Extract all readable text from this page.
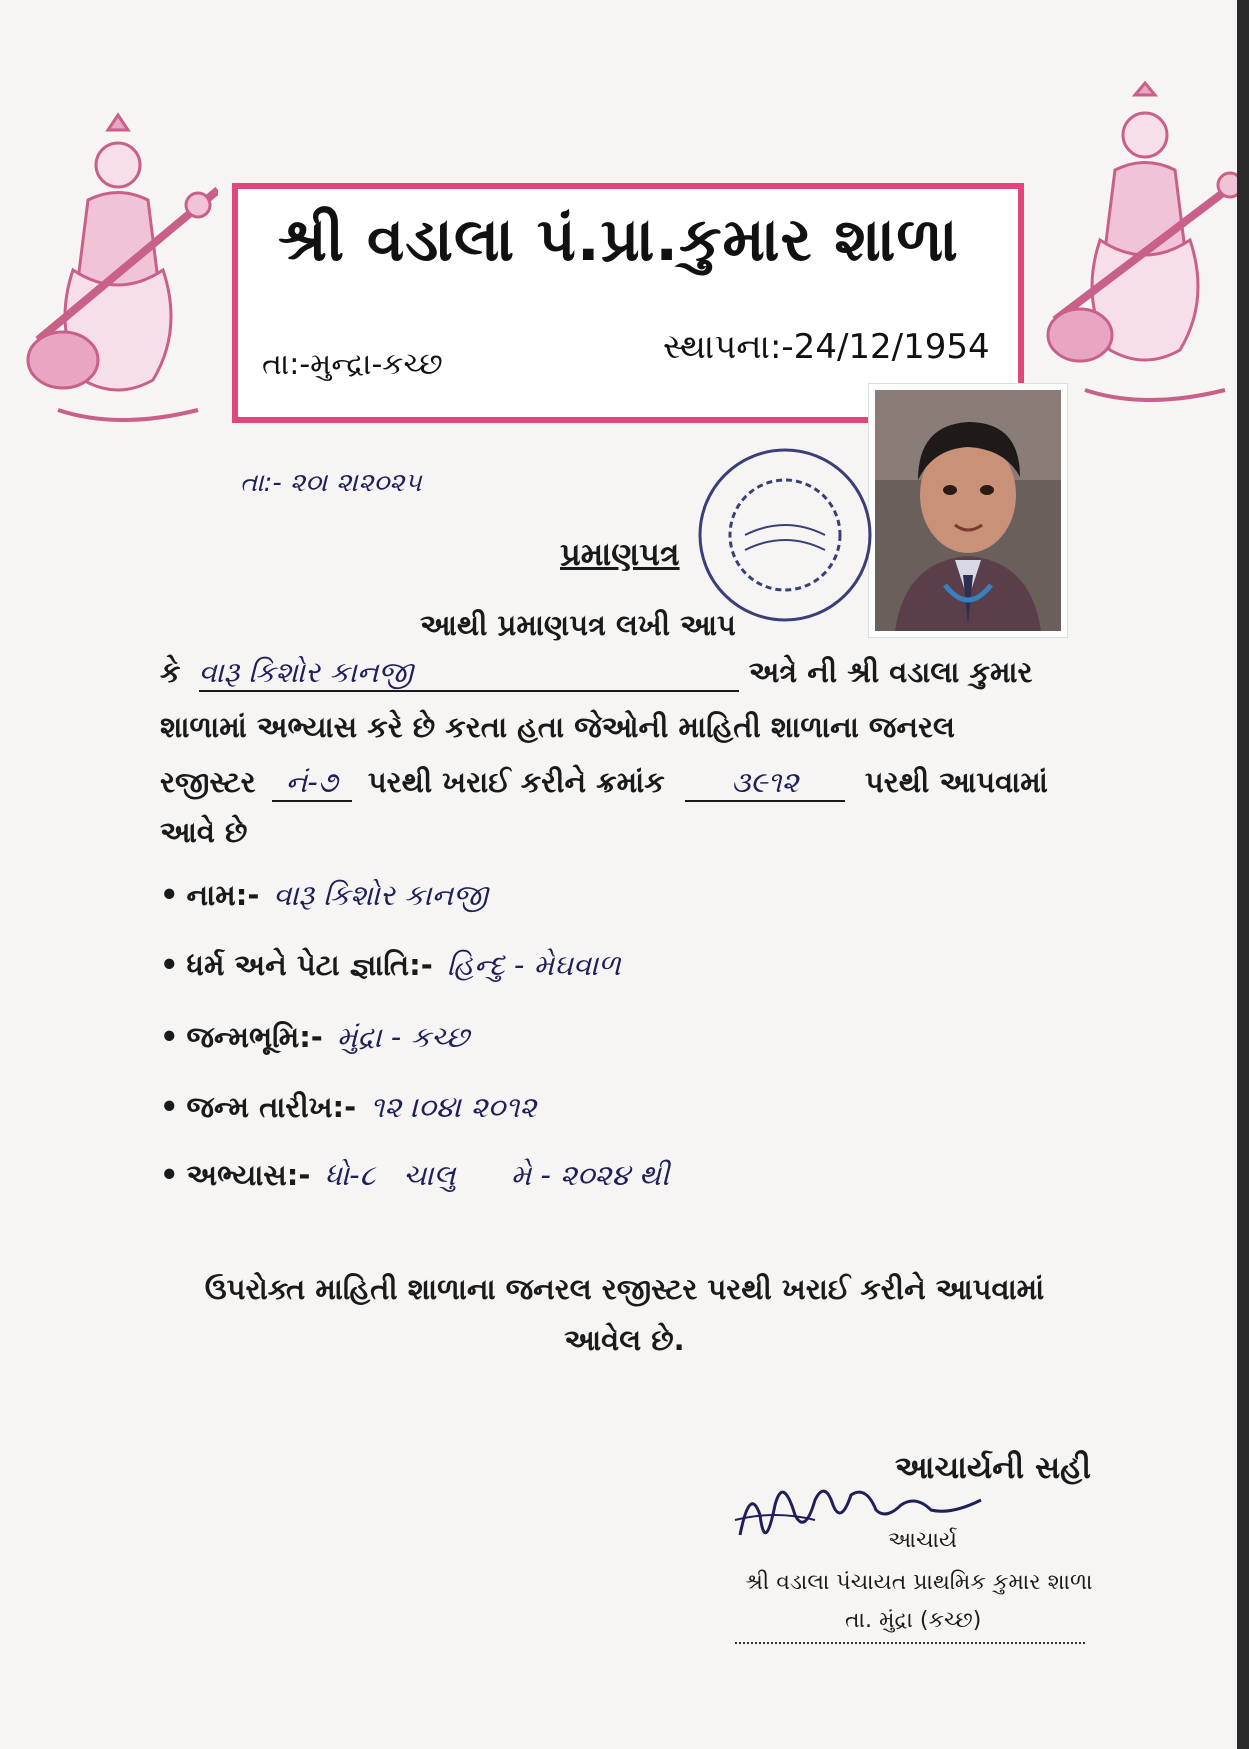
શ્રી વડાલા પં.પ્રા.કુમાર શાળા
તા:-મુન્દ્રા-કચ્છ	સ્થાપના:-24/12/1954
તા:- ૨૦। ૨।૨૦૨૫
પ્રમાણપત્ર
આથી પ્રમાણપત્ર લખી આપ
કે વારૂ કિશોર કાનજી	અત્રે ની શ્રી વડાલા કુમાર
શાળામાં અભ્યાસ કરે છે કરતા હતા જેઓની માહિતી શાળાના જનરલ
રજીસ્ટર નં-૭ પરથી ખરાઈ કરીને ક્રમાંક ૩૯૧૨ પરથી આપવામાં
આવે છે
• નામ:- વારૂ કિશોર કાનજી
• ધર્મ અને પેટા જ્ઞાતિ:- હિન્દુ - મેઘવાળ
• જન્મભૂમિ:- મુંદ્રા - કચ્છ
• જન્મ તારીખ:- ૧૨ ।૦૪। ૨૦૧૨
• અભ્યાસ:- ધો-૮   ચાલુ      મે - ૨૦૨૪ થી
ઉપરોક્ત માહિતી શાળાના જનરલ રજીસ્ટર પરથી ખરાઈ કરીને આપવામાં
આવેલ છે.
આચાર્યની સહી
આચાર્ય
શ્રી વડાલા પંચાયત પ્રાથમિક કુમાર શાળા
તા. મુંદ્રા (કચ્છ)
